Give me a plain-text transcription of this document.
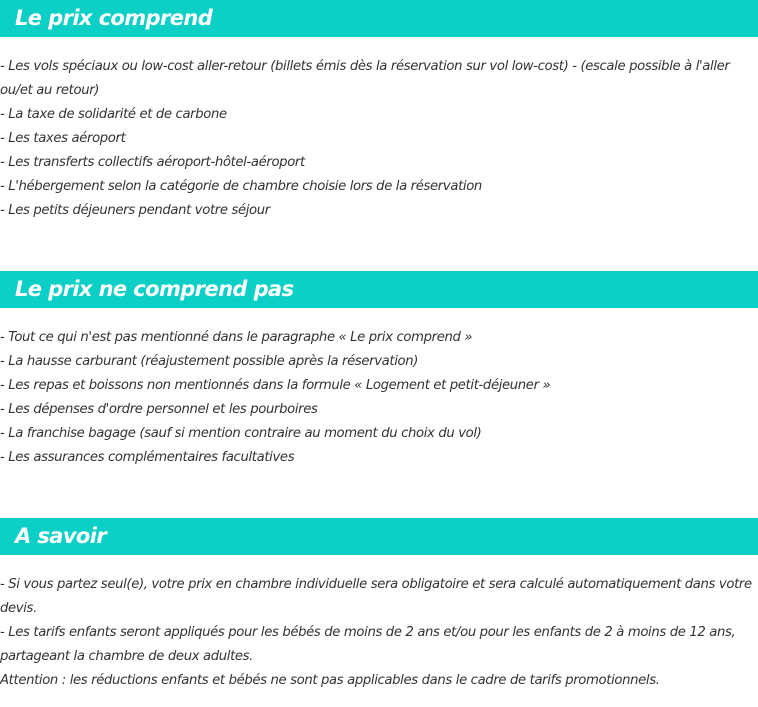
Le prix comprend

- Les vols spéciaux ou low-cost aller-retour (billets émis dès la réservation sur vol low-cost) - (escale possible à l'aller ou/et au retour)

- La taxe de solidarité et de carbone

- Les taxes aéroport

- Les transferts collectifs aéroport-hôtel-aéroport

- L'hébergement selon la catégorie de chambre choisie lors de la réservation

- Les petits déjeuners pendant votre séjour

Le prix ne comprend pas

- Tout ce qui n'est pas mentionné dans le paragraphe « Le prix comprend »

- La hausse carburant (réajustement possible après la réservation)

- Les repas et boissons non mentionnés dans la formule « Logement et petit-déjeuner »

- Les dépenses d'ordre personnel et les pourboires

- La franchise bagage (sauf si mention contraire au moment du choix du vol)

- Les assurances complémentaires facultatives

A savoir

- Si vous partez seul(e), votre prix en chambre individuelle sera obligatoire et sera calculé automatiquement dans votre devis.

- Les tarifs enfants seront appliqués pour les bébés de moins de 2 ans et/ou pour les enfants de 2 à moins de 12 ans, partageant la chambre de deux adultes.

Attention : les réductions enfants et bébés ne sont pas applicables dans le cadre de tarifs promotionnels.
